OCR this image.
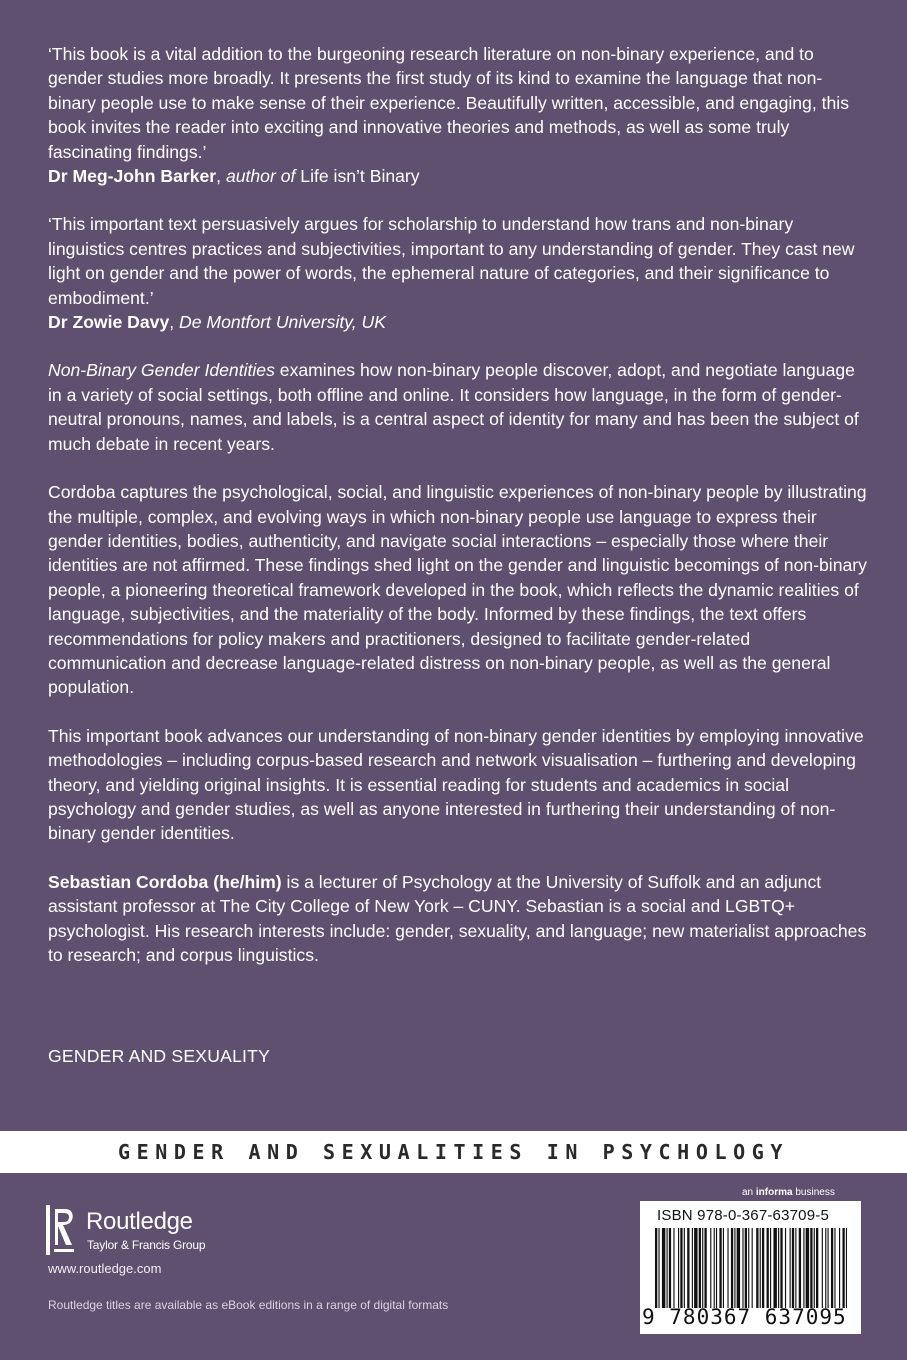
‘This book is a vital addition to the burgeoning research literature on non-binary experience, and to gender studies more broadly. It presents the first study of its kind to examine the language that non-binary people use to make sense of their experience. Beautifully written, accessible, and engaging, this book invites the reader into exciting and innovative theories and methods, as well as some truly fascinating findings.’

Dr Meg-John Barker, author of Life isn’t Binary

‘This important text persuasively argues for scholarship to understand how trans and non-binary linguistics centres practices and subjectivities, important to any understanding of gender. They cast new light on gender and the power of words, the ephemeral nature of categories, and their significance to embodiment.’

Dr Zowie Davy, De Montfort University, UK

Non-Binary Gender Identities examines how non-binary people discover, adopt, and negotiate language in a variety of social settings, both offline and online. It considers how language, in the form of gender-neutral pronouns, names, and labels, is a central aspect of identity for many and has been the subject of much debate in recent years.

Cordoba captures the psychological, social, and linguistic experiences of non-binary people by illustrating the multiple, complex, and evolving ways in which non-binary people use language to express their gender identities, bodies, authenticity, and navigate social interactions – especially those where their identities are not affirmed. These findings shed light on the gender and linguistic becomings of non-binary people, a pioneering theoretical framework developed in the book, which reflects the dynamic realities of language, subjectivities, and the materiality of the body. Informed by these findings, the text offers recommendations for policy makers and practitioners, designed to facilitate gender-related communication and decrease language-related distress on non-binary people, as well as the general population.

This important book advances our understanding of non-binary gender identities by employing innovative methodologies – including corpus-based research and network visualisation – furthering and developing theory, and yielding original insights. It is essential reading for students and academics in social psychology and gender studies, as well as anyone interested in furthering their understanding of non-binary gender identities.

Sebastian Cordoba (he/him) is a lecturer of Psychology at the University of Suffolk and an adjunct assistant professor at The City College of New York – CUNY. Sebastian is a social and LGBTQ+ psychologist. His research interests include: gender, sexuality, and language; new materialist approaches to research; and corpus linguistics.

GENDER AND SEXUALITY
GENDER AND SEXUALITIES IN PSYCHOLOGY
Routledge
Taylor & Francis Group
www.routledge.com
Routledge titles are available as eBook editions in a range of digital formats
an informa business
ISBN 978-0-367-63709-5
9 780367 637095
